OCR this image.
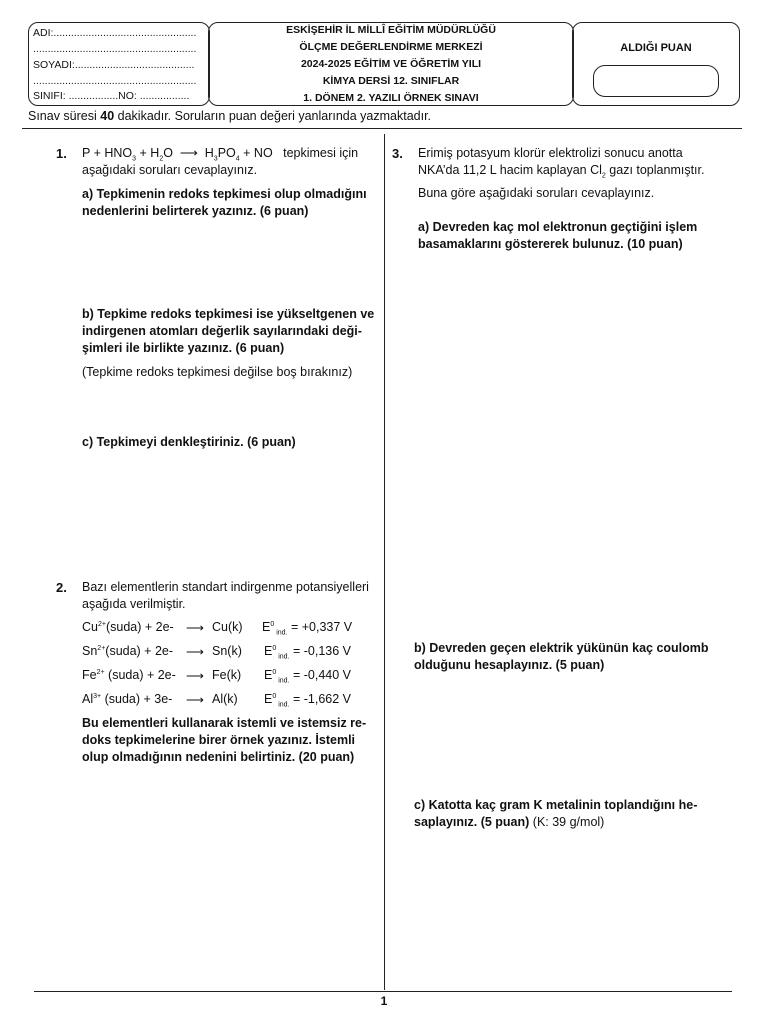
ADI:.................................................
........................................................
SOYADI:.........................................
........................................................
SINIFI: .................NO: .................
ESKİŞEHİR İL MİLLÎ EĞİTİM MÜDÜRLÜĞÜ
ÖLÇME DEĞERLENDİRME MERKEZİ
2024-2025 EĞİTİM VE ÖĞRETİM YILI
KİMYA DERSİ 12. SINIFLAR
1. DÖNEM 2. YAZILI ÖRNEK SINAVI
ALDIĞI PUAN
Sınav süresi 40 dakikadır. Soruların puan değeri yanlarında yazmaktadır.
1. $P + HNO_3 + H_2O$  ⟶  $H_3PO_4$ + NO   tepkimesi için
aşağıdaki soruları cevaplayınız.
a) Tepkimenin redoks tepkimesi olup olmadığını
nedenlerini belirterek yazınız. (6 puan)
b) Tepkime redoks tepkimesi ise yükseltgenen ve
indirgenen atomları değerlik sayılarındaki deği-
şimleri ile birlikte yazınız. (6 puan)
(Tepkime redoks tepkimesi değilse boş bırakınız)
c) Tepkimeyi denkleştiriniz. (6 puan)
2. Bazı elementlerin standart indirgenme potansiyelleri
aşağıda verilmiştir.
$Cu^{2+}(suda) + 2e-$ ⟶ Cu(k) $E^0$ $_{ind.}$ = +0,337 V
$Sn^{2+}(suda) + 2e-$ ⟶ Sn(k) $E^0$ $_{ind.}$ = -0,136 V
$Fe^{2+}$ (suda) + 2e- ⟶ Fe(k) $E^0$ $_{ind.}$ = -0,440 V
$Al^{3+}$ (suda) + 3e- ⟶ Al(k) $E^0$ $_{ind.}$ = -1,662 V
Bu elementleri kullanarak istemli ve istemsiz re-
doks tepkimelerine birer örnek yazınız. İstemli
olup olmadığının nedenini belirtiniz. (20 puan)
3. Erimiş potasyum klorür elektrolizi sonucu anotta
NKA’da 11,2 L hacim kaplayan $Cl_2$ gazı toplanmıştır.
Buna göre aşağıdaki soruları cevaplayınız.
a) Devreden kaç mol elektronun geçtiğini işlem
basamaklarını göstererek bulunuz. (10 puan)
b) Devreden geçen elektrik yükünün kaç coulomb
olduğunu hesaplayınız. (5 puan)
c) Katotta kaç gram K metalinin toplandığını he-
saplayınız. (5 puan) (K: 39 g/mol)
1
